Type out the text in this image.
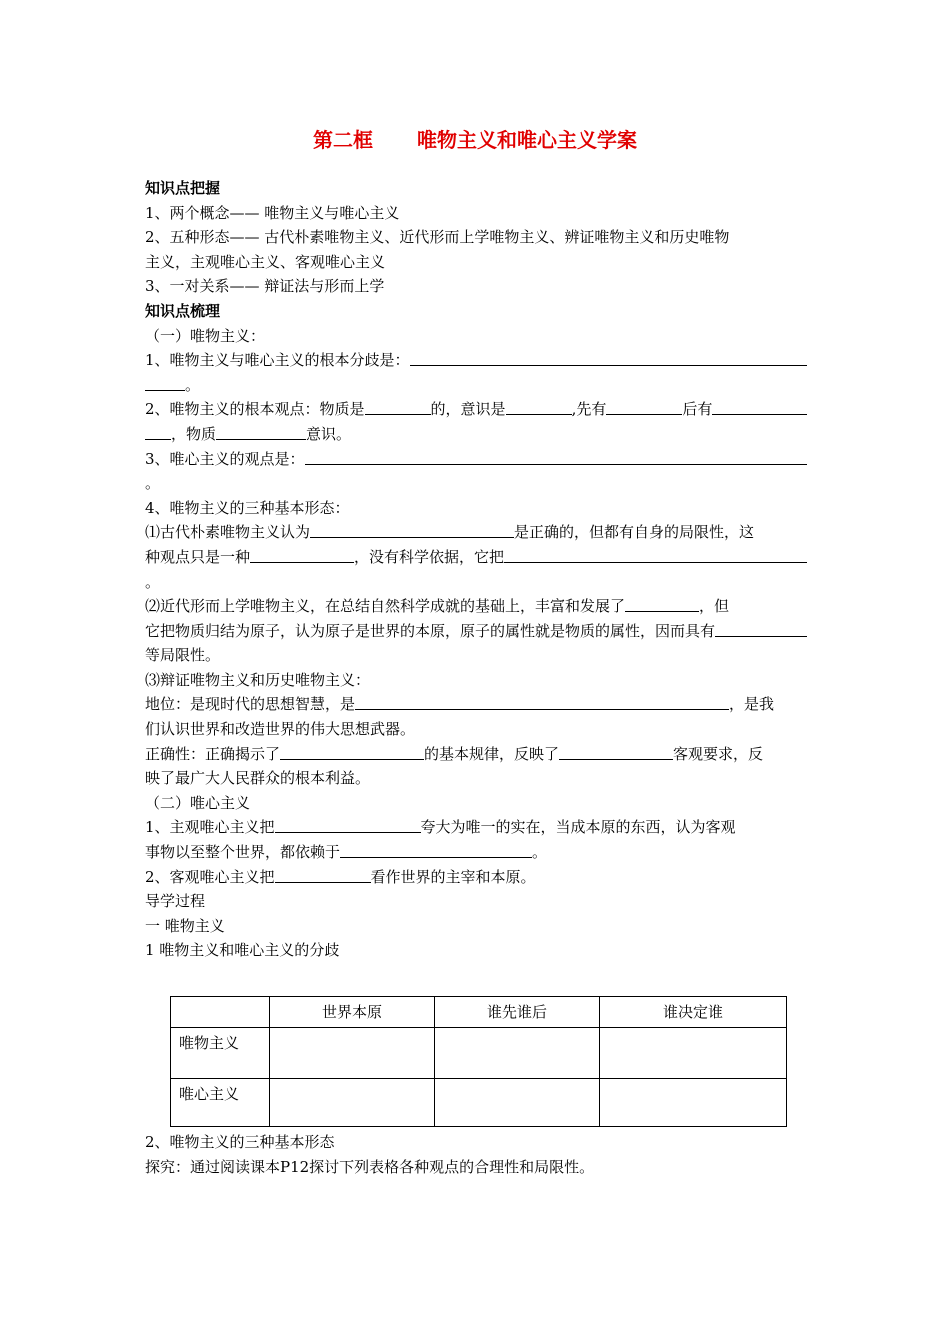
第二框 唯物主义和唯心主义学案
知识点把握
1、两个概念—— 唯物主义与唯心主义
2、五种形态—— 古代朴素唯物主义、近代形而上学唯物主义、辨证唯物主义和历史唯物
主义，主观唯心主义、客观唯心主义
3、一对关系—— 辩证法与形而上学
知识点梳理
（一）唯物主义：
1、唯物主义与唯心主义的根本分歧是：
。
2、唯物主义的根本观点：物质是	的，意识是	,先有	后有
，物质	意识。
3、唯心主义的观点是：
。
4、唯物主义的三种基本形态：
⑴古代朴素唯物主义认为	是正确的，但都有自身的局限性，这
种观点只是一种	，没有科学依据，它把
。
⑵近代形而上学唯物主义，在总结自然科学成就的基础上，丰富和发展了	，但
它把物质归结为原子，认为原子是世界的本原，原子的属性就是物质的属性，因而具有
等局限性。
⑶辩证唯物主义和历史唯物主义：
地位：是现时代的思想智慧，是	，是我
们认识世界和改造世界的伟大思想武器。
正确性：正确揭示了	的基本规律，反映了	客观要求，反
映了最广大人民群众的根本利益。
（二）唯心主义
1、主观唯心主义把	夸大为唯一的实在，当成本原的东西，认为客观
事物以至整个世界，都依赖于	。
2、客观唯心主义把	看作世界的主宰和本原。
导学过程
一 唯物主义
1 唯物主义和唯心主义的分歧
	世界本原	谁先谁后	谁决定谁
唯物主义			
唯心主义			
2、唯物主义的三种基本形态
探究：通过阅读课本P12探讨下列表格各种观点的合理性和局限性。
